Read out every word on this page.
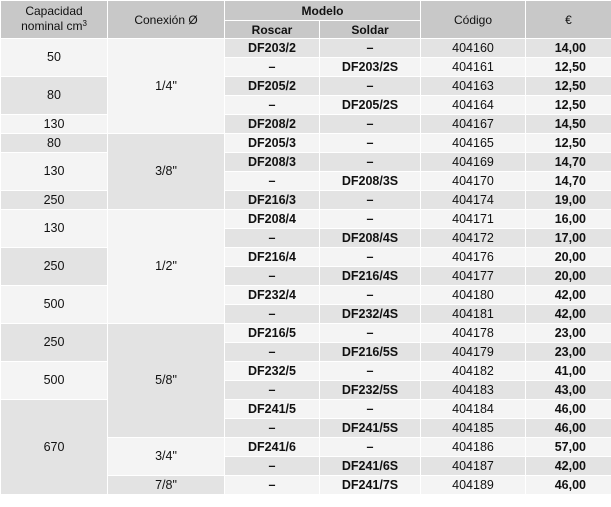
Capacidad
nominal $cm^3$	Conexión Ø	Modelo		Código	€
		Roscar	Soldar		
50	1/4"	DF203/2	–	404160	14,00
		–	DF203/2S	404161	12,50
80		DF205/2	–	404163	12,50
		–	DF205/2S	404164	12,50
130		DF208/2	–	404167	14,50
80	3/8"	DF205/3	–	404165	12,50
130		DF208/3	–	404169	14,70
		–	DF208/3S	404170	14,70
250		DF216/3	–	404174	19,00
130	1/2"	DF208/4	–	404171	16,00
		–	DF208/4S	404172	17,00
250		DF216/4	–	404176	20,00
		–	DF216/4S	404177	20,00
500		DF232/4	–	404180	42,00
		–	DF232/4S	404181	42,00
250	5/8"	DF216/5	–	404178	23,00
		–	DF216/5S	404179	23,00
500		DF232/5	–	404182	41,00
		–	DF232/5S	404183	43,00
670		DF241/5	–	404184	46,00
		–	DF241/5S	404185	46,00
	3/4"	DF241/6	–	404186	57,00
		–	DF241/6S	404187	42,00
	7/8"	–	DF241/7S	404189	46,00
